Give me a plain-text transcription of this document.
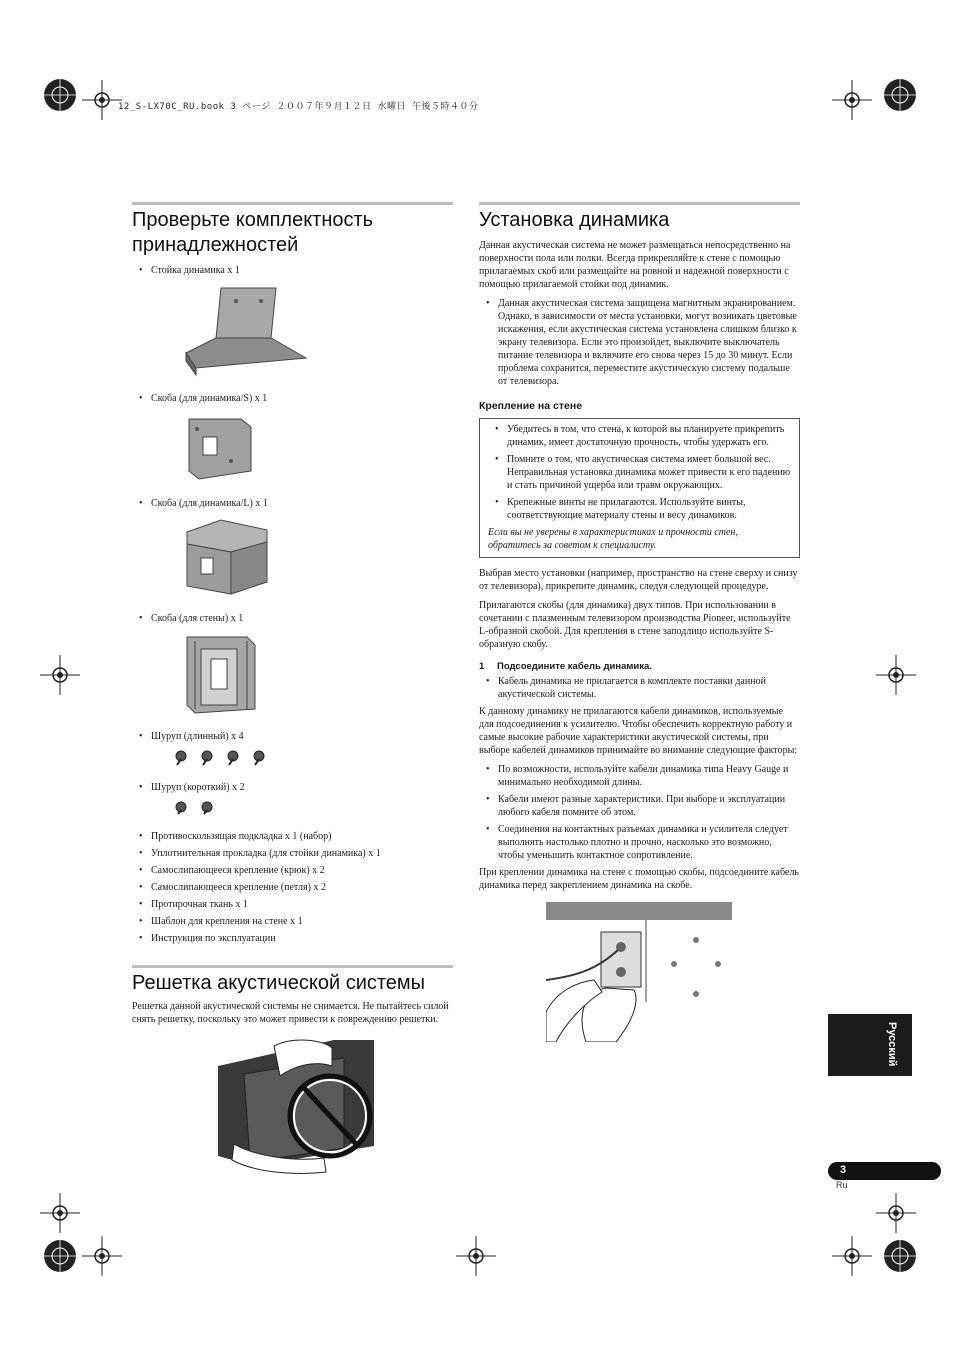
12_S-LX70C_RU.book 3 ページ ２００７年９月１２日 水曜日 午後５時４０分
Проверьте комплектность принадлежностей
• Стойка динамика x 1
• Скоба (для динамика/S) x 1
• Скоба (для динамика/L) x 1
• Скоба (для стены) x 1
• Шуруп (длинный) x 4
• Шуруп (короткий) x 2
• Противоскользящая подкладка x 1 (набор)
• Уплотнительная прокладка (для стойки динамика) x 1
• Самослипающееся крепление (крюк) x 2
• Самослипающееся крепление (петля) x 2
• Протирочная ткань x 1
• Шаблон для крепления на стене x 1
• Инструкция по эксплуатации
Решетка акустической системы

Решетка данной акустической системы не снимается. Не пытайтесь силой снять решетку, поскольку это может привести к повреждению решетки.

Установка динамика

Данная акустическая система не может размещаться непосредственно на поверхности пола или полки. Всегда прикрепляйте к стене с помощью прилагаемых скоб или размещайте на ровной и надежной поверхности с помощью прилагаемой стойки под динамик.

• Данная акустическая система защищена магнитным экранированием. Однако, в зависимости от места установки, могут возникать цветовые искажения, если акустическая система установлена слишком близко к экрану телевизора. Если это произойдет, выключите выключатель питание телевизора и включите его снова через 15 до 30 минут. Если проблема сохранится, переместите акустическую систему подальше от телевизора.
Крепление на стене
• Убедитесь в том, что стена, к которой вы планируете прикрепить динамик, имеет достаточную прочность, чтобы удержать его.
• Помните о том, что акустическая система имеет большой вес. Неправильная установка динамика может привести к его падению и стать причиной ущерба или травм окружающих.
• Крепежные винты не прилагаются. Используйте винты, соответствующие материалу стены и весу динамиков.

Если вы не уверены в характеристиках и прочности стен, обратитесь за советом к специалисту.

Выбрав место установки (например, пространство на стене сверху и снизу от телевизора), прикрепите динамик, следуя следующей процедуре.

Прилагаются скобы (для динамика) двух типов. При использовании в сочетании с плазменным телевизором производства Pioneer, используйте L-образной скобой. Для крепления в стене заподлицо используйте S-образную скобу.

1 Подсоедините кабель динамика.
• Кабель динамика не прилагается в комплекте поставки данной акустической системы.

К данному динамику не прилагаются кабели динамиков, используемые для подсоединения к усилителю. Чтобы обеспечить корректную работу и самые высокие рабочие характеристики акустической системы, при выборе кабелей динамиков принимайте во внимание следующие факторы:

• По возможности, используйте кабели динамика типа Heavy Gauge и минимально необходимой длины.
• Кабели имеют разные характеристики. При выборе и эксплуатации любого кабеля помните об этом.
• Соединения на контактных разъемах динамика и усилителя следует выполнять настолько плотно и прочно, насколько это возможно, чтобы уменьшить контактное сопротивление.

При креплении динамика на стене с помощью скобы, подсоедините кабель динамика перед закреплением динамика на скобе.

Русский
3
Ru
